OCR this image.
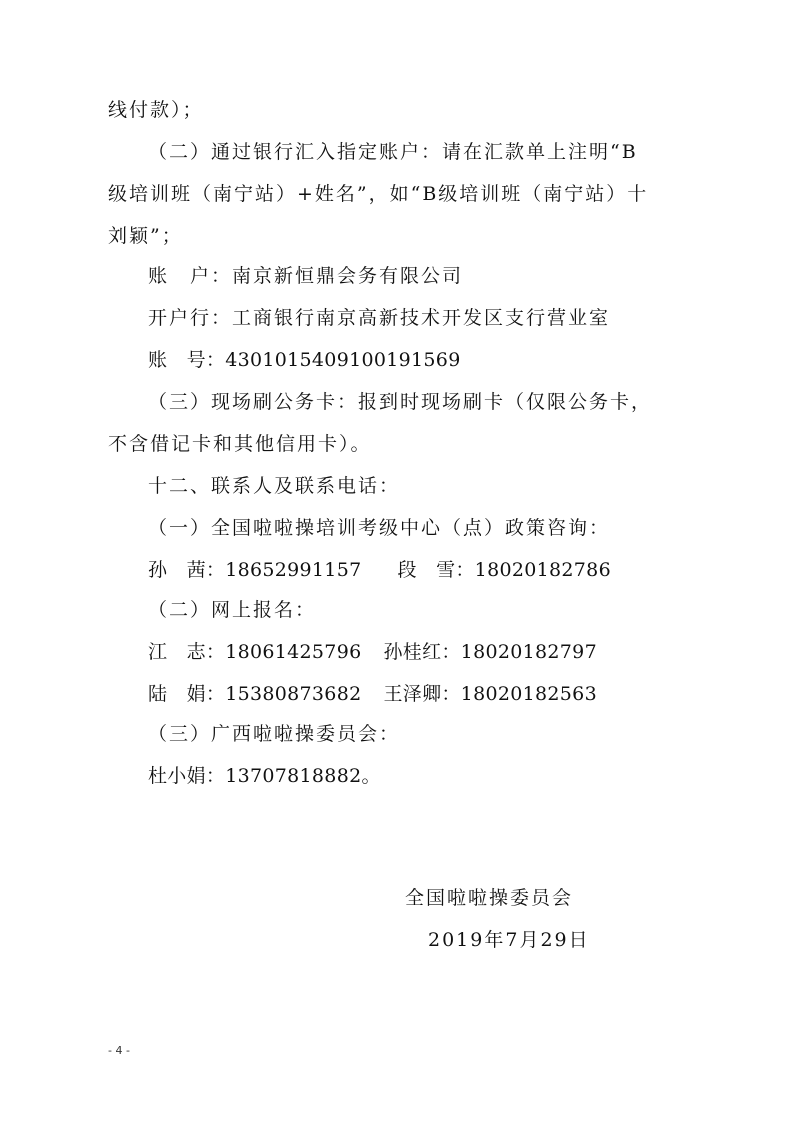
线付款）；
（二）通过银行汇入指定账户：请在汇款单上注明“B
级培训班（南宁站）+姓名”，如“B级培训班（南宁站）十
刘颖”；
账　户：南京新恒鼎会务有限公司
开户行：工商银行南京高新技术开发区支行营业室
账　号：4301015409100191569
（三）现场刷公务卡：报到时现场刷卡（仅限公务卡，
不含借记卡和其他信用卡）。
十二、联系人及联系电话：
（一）全国啦啦操培训考级中心（点）政策咨询：
孙　茜：18652991157 段　雪：18020182786
（二）网上报名：
江　志：18061425796 孙桂红：18020182797
陆　娟：15380873682 王泽卿：18020182563
（三）广西啦啦操委员会：
杜小娟：13707818882。
全国啦啦操委员会
2019年7月29日
- 4 -
